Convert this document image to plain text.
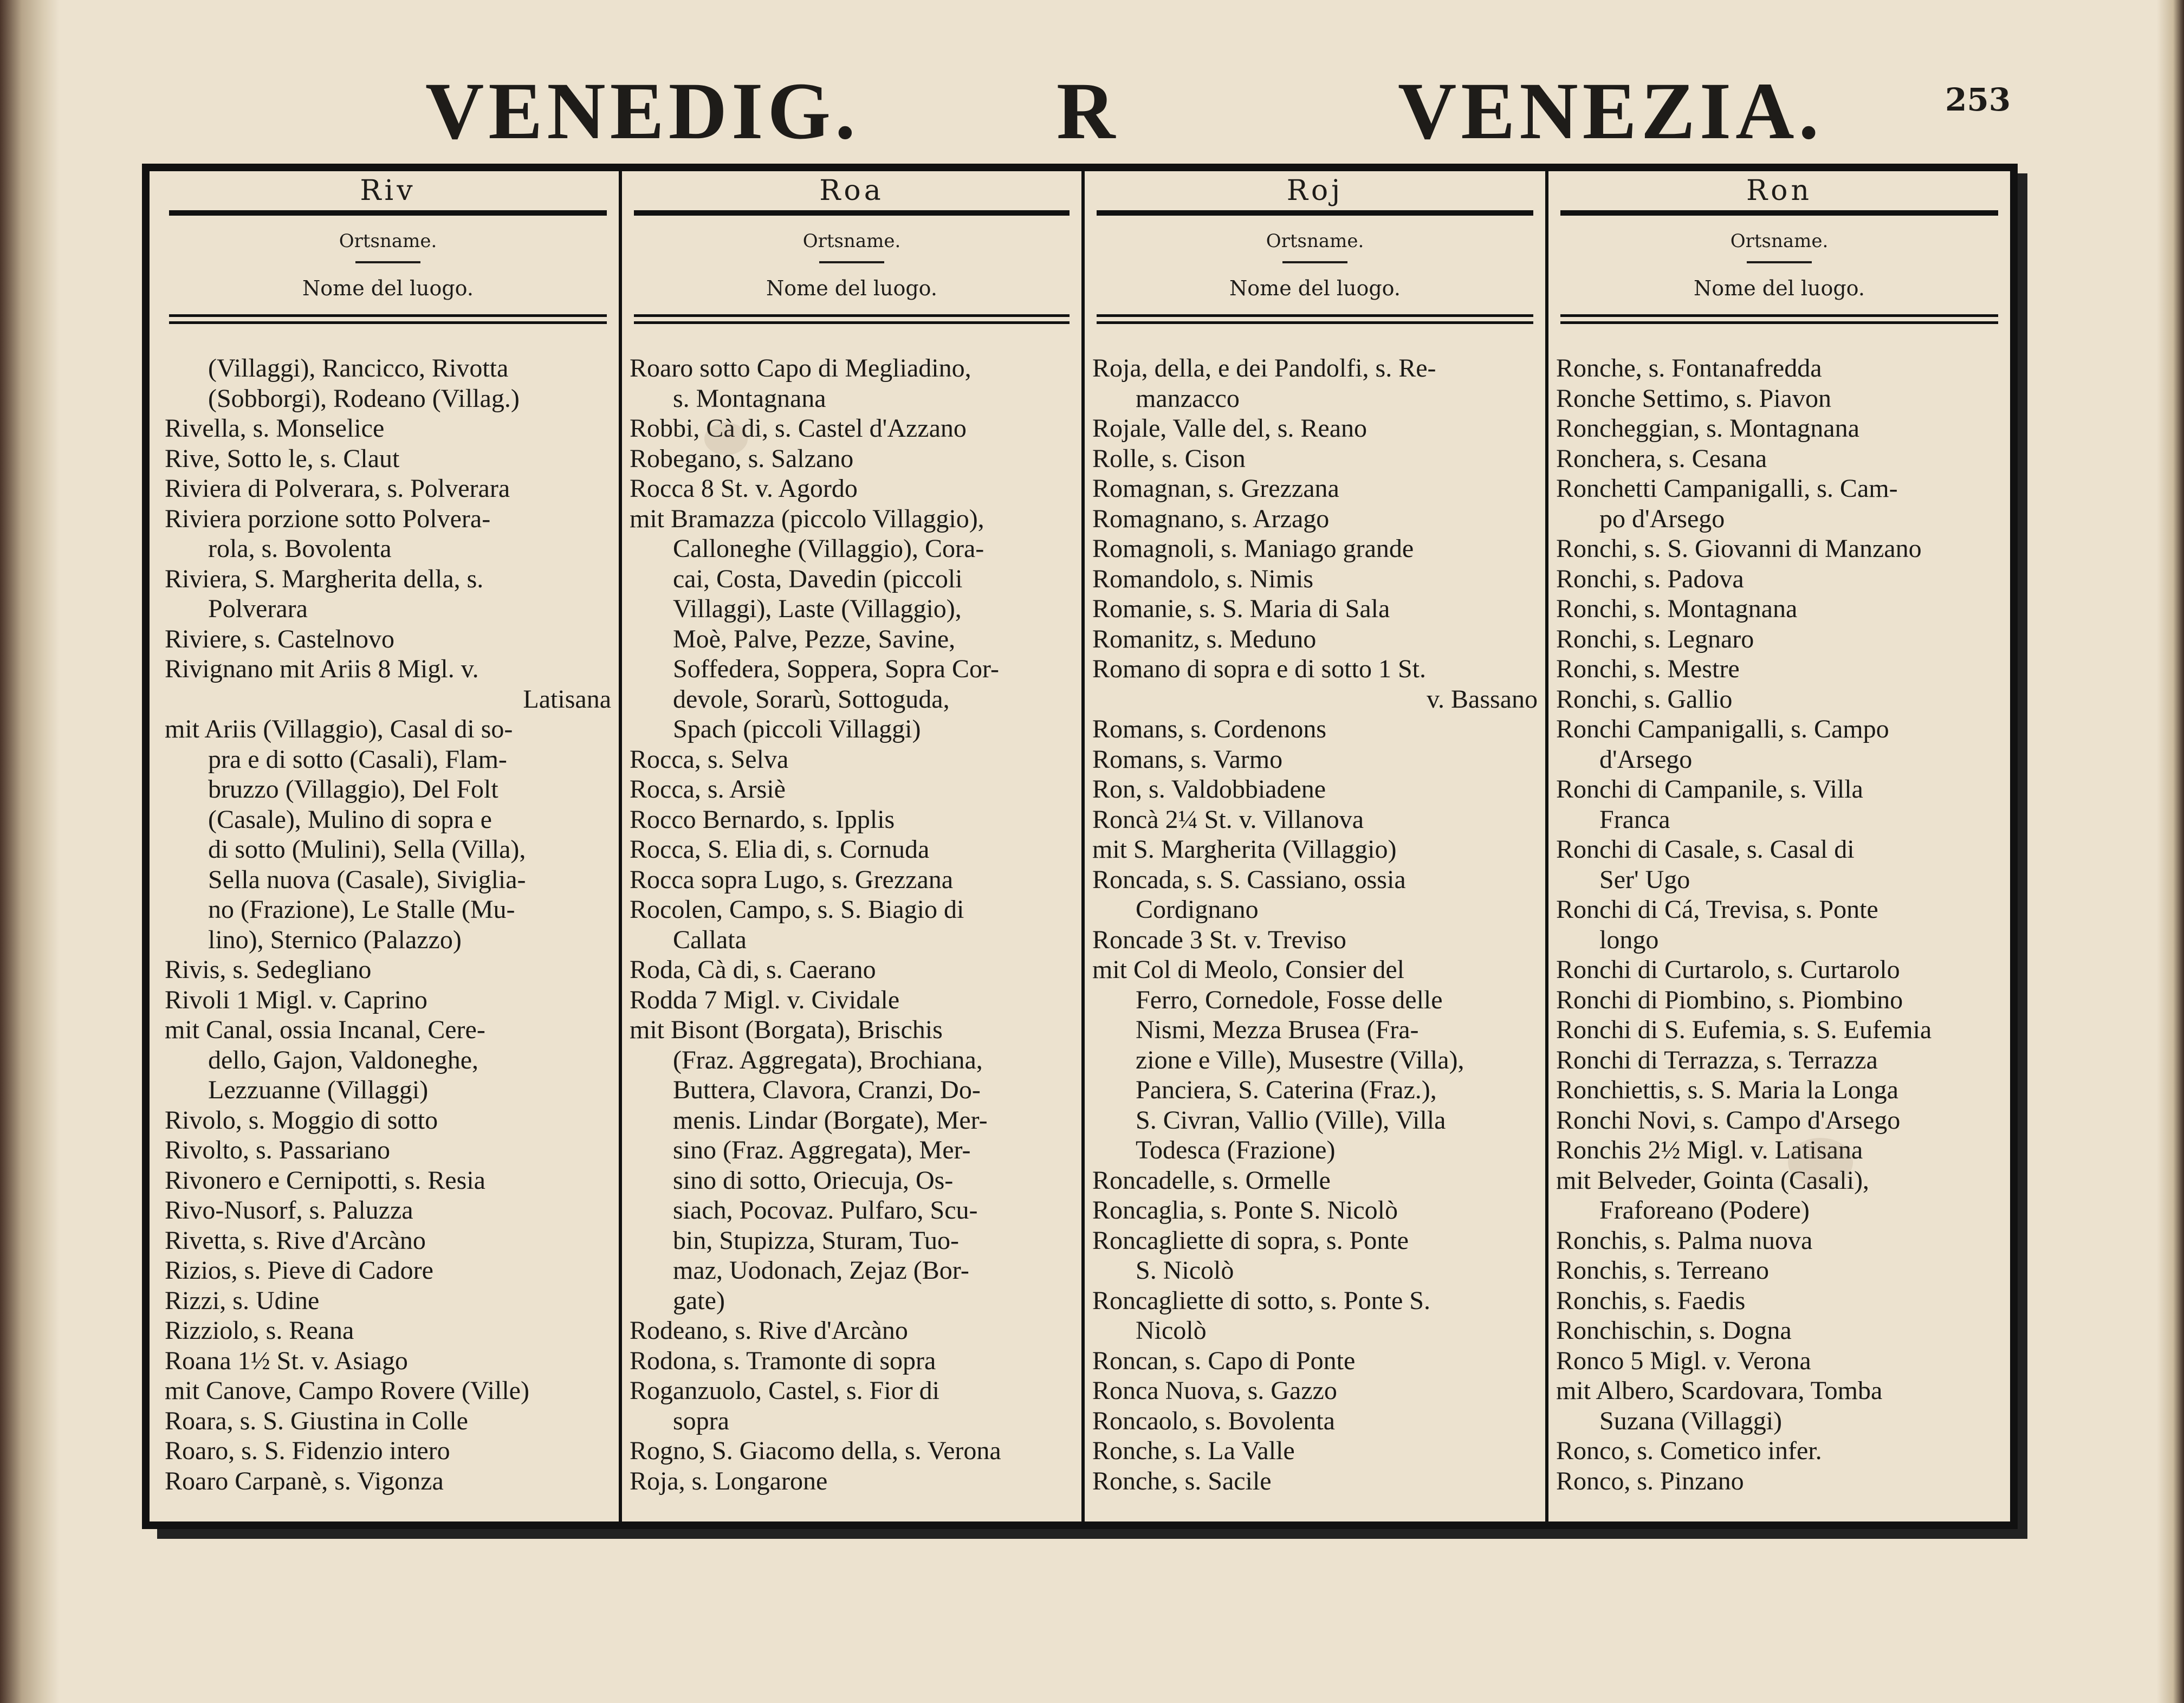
VENEDIG. R	VENEZIA.	253
Riv
Ortsname.
Nome del luogo.
(Villaggi), Rancicco, Rivotta
(Sobborgi), Rodeano (Villag.)
Rivella, s. Monselice
Rive, Sotto le, s. Claut
Riviera di Polverara, s. Polverara
Riviera porzione sotto Polvera-
rola, s. Bovolenta
Riviera, S. Margherita della, s.
Polverara
Riviere, s. Castelnovo
Rivignano mit Ariis 8 Migl. v.
Latisana
mit Ariis (Villaggio), Casal di so-
pra e di sotto (Casali), Flam-
bruzzo (Villaggio), Del Folt
(Casale), Mulino di sopra e
di sotto (Mulini), Sella (Villa),
Sella nuova (Casale), Siviglia-
no (Frazione), Le Stalle (Mu-
lino), Sternico (Palazzo)
Rivis, s. Sedegliano
Rivoli 1 Migl. v. Caprino
mit Canal, ossia Incanal, Cere-
dello, Gajon, Valdoneghe,
Lezzuanne (Villaggi)
Rivolo, s. Moggio di sotto
Rivolto, s. Passariano
Rivonero e Cernipotti, s. Resia
Rivo-Nusorf, s. Paluzza
Rivetta, s. Rive d'Arcàno
Rizios, s. Pieve di Cadore
Rizzi, s. Udine
Rizziolo, s. Reana
Roana 1½ St. v. Asiago
mit Canove, Campo Rovere (Ville)
Roara, s. S. Giustina in Colle
Roaro, s. S. Fidenzio intero
Roaro Carpanè, s. Vigonza
Roa
Ortsname.
Nome del luogo.
Roaro sotto Capo di Megliadino,
s. Montagnana
Robbi, Cà di, s. Castel d'Azzano
Robegano, s. Salzano
Rocca 8 St. v. Agordo
mit Bramazza (piccolo Villaggio),
Calloneghe (Villaggio), Cora-
cai, Costa, Davedin (piccoli
Villaggi), Laste (Villaggio),
Moè, Palve, Pezze, Savine,
Soffedera, Soppera, Sopra Cor-
devole, Sorarù, Sottoguda,
Spach (piccoli Villaggi)
Rocca, s. Selva
Rocca, s. Arsiè
Rocco Bernardo, s. Ipplis
Rocca, S. Elia di, s. Cornuda
Rocca sopra Lugo, s. Grezzana
Rocolen, Campo, s. S. Biagio di
Callata
Roda, Cà di, s. Caerano
Rodda 7 Migl. v. Cividale
mit Bisont (Borgata), Brischis
(Fraz. Aggregata), Brochiana,
Buttera, Clavora, Cranzi, Do-
menis. Lindar (Borgate), Mer-
sino (Fraz. Aggregata), Mer-
sino di sotto, Oriecuja, Os-
siach, Pocovaz. Pulfaro, Scu-
bin, Stupizza, Sturam, Tuo-
maz, Uodonach, Zejaz (Bor-
gate)
Rodeano, s. Rive d'Arcàno
Rodona, s. Tramonte di sopra
Roganzuolo, Castel, s. Fior di
sopra
Rogno, S. Giacomo della, s. Verona
Roja, s. Longarone
Roj
Ortsname.
Nome del luogo.
Roja, della, e dei Pandolfi, s. Re-
manzacco
Rojale, Valle del, s. Reano
Rolle, s. Cison
Romagnan, s. Grezzana
Romagnano, s. Arzago
Romagnoli, s. Maniago grande
Romandolo, s. Nimis
Romanie, s. S. Maria di Sala
Romanitz, s. Meduno
Romano di sopra e di sotto 1 St.
v. Bassano
Romans, s. Cordenons
Romans, s. Varmo
Ron, s. Valdobbiadene
Roncà 2¼ St. v. Villanova
mit S. Margherita (Villaggio)
Roncada, s. S. Cassiano, ossia
Cordignano
Roncade 3 St. v. Treviso
mit Col di Meolo, Consier del
Ferro, Cornedole, Fosse delle
Nismi, Mezza Brusea (Fra-
zione e Ville), Musestre (Villa),
Panciera, S. Caterina (Fraz.),
S. Civran, Vallio (Ville), Villa
Todesca (Frazione)
Roncadelle, s. Ormelle
Roncaglia, s. Ponte S. Nicolò
Roncagliette di sopra, s. Ponte
S. Nicolò
Roncagliette di sotto, s. Ponte S.
Nicolò
Roncan, s. Capo di Ponte
Ronca Nuova, s. Gazzo
Roncaolo, s. Bovolenta
Ronche, s. La Valle
Ronche, s. Sacile
Ron
Ortsname.
Nome del luogo.
Ronche, s. Fontanafredda
Ronche Settimo, s. Piavon
Roncheggian, s. Montagnana
Ronchera, s. Cesana
Ronchetti Campanigalli, s. Cam-
po d'Arsego
Ronchi, s. S. Giovanni di Manzano
Ronchi, s. Padova
Ronchi, s. Montagnana
Ronchi, s. Legnaro
Ronchi, s. Mestre
Ronchi, s. Gallio
Ronchi Campanigalli, s. Campo
d'Arsego
Ronchi di Campanile, s. Villa
Franca
Ronchi di Casale, s. Casal di
Ser' Ugo
Ronchi di Cá, Trevisa, s. Ponte
longo
Ronchi di Curtarolo, s. Curtarolo
Ronchi di Piombino, s. Piombino
Ronchi di S. Eufemia, s. S. Eufemia
Ronchi di Terrazza, s. Terrazza
Ronchiettis, s. S. Maria la Longa
Ronchi Novi, s. Campo d'Arsego
Ronchis 2½ Migl. v. Latisana
mit Belveder, Gointa (Casali),
Fraforeano (Podere)
Ronchis, s. Palma nuova
Ronchis, s. Terreano
Ronchis, s. Faedis
Ronchischin, s. Dogna
Ronco 5 Migl. v. Verona
mit Albero, Scardovara, Tomba
Suzana (Villaggi)
Ronco, s. Cometico infer.
Ronco, s. Pinzano
